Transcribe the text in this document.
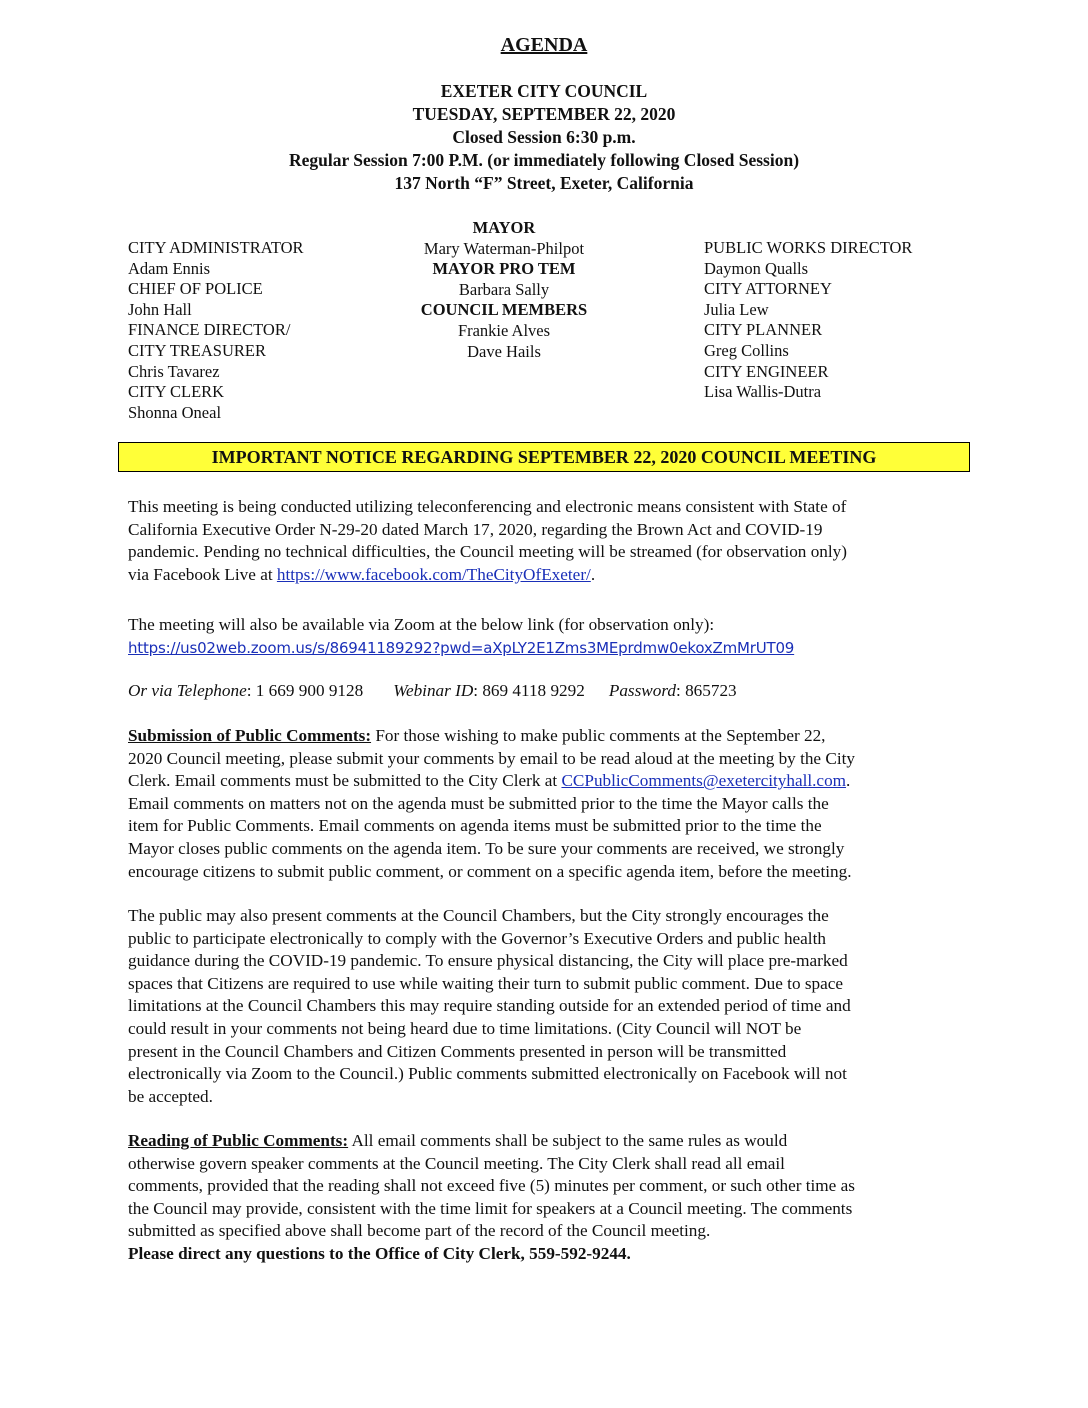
AGENDA
EXETER CITY COUNCIL
TUESDAY, SEPTEMBER 22, 2020
Closed Session 6:30 p.m.
Regular Session 7:00 P.M. (or immediately following Closed Session)
137 North “F” Street, Exeter, California
CITY ADMINISTRATOR
Adam Ennis
CHIEF OF POLICE
John Hall
FINANCE DIRECTOR/
CITY TREASURER
Chris Tavarez
CITY CLERK
Shonna Oneal
MAYOR
Mary Waterman-Philpot
MAYOR PRO TEM
Barbara Sally
COUNCIL MEMBERS
Frankie Alves
Dave Hails
PUBLIC WORKS DIRECTOR
Daymon Qualls
CITY ATTORNEY
Julia Lew
CITY PLANNER
Greg Collins
CITY ENGINEER
Lisa Wallis-Dutra
IMPORTANT NOTICE REGARDING SEPTEMBER 22, 2020 COUNCIL MEETING
This meeting is being conducted utilizing teleconferencing and electronic means consistent with State of
California Executive Order N-29-20 dated March 17, 2020, regarding the Brown Act and COVID-19
pandemic. Pending no technical difficulties, the Council meeting will be streamed (for observation only)
via Facebook Live at https://www.facebook.com/TheCityOfExeter/.
The meeting will also be available via Zoom at the below link (for observation only):
https://us02web.zoom.us/s/86941189292?pwd=aXpLY2E1Zms3MEprdmw0ekoxZmMrUT09
Or via Telephone: 1 669 900 9128 Webinar ID: 869 4118 9292 Password: 865723
Submission of Public Comments: For those wishing to make public comments at the September 22,
2020 Council meeting, please submit your comments by email to be read aloud at the meeting by the City
Clerk. Email comments must be submitted to the City Clerk at CCPublicComments@exetercityhall.com.
Email comments on matters not on the agenda must be submitted prior to the time the Mayor calls the
item for Public Comments. Email comments on agenda items must be submitted prior to the time the
Mayor closes public comments on the agenda item. To be sure your comments are received, we strongly
encourage citizens to submit public comment, or comment on a specific agenda item, before the meeting.
The public may also present comments at the Council Chambers, but the City strongly encourages the
public to participate electronically to comply with the Governor’s Executive Orders and public health
guidance during the COVID-19 pandemic. To ensure physical distancing, the City will place pre-marked
spaces that Citizens are required to use while waiting their turn to submit public comment. Due to space
limitations at the Council Chambers this may require standing outside for an extended period of time and
could result in your comments not being heard due to time limitations. (City Council will NOT be
present in the Council Chambers and Citizen Comments presented in person will be transmitted
electronically via Zoom to the Council.) Public comments submitted electronically on Facebook will not
be accepted.
Reading of Public Comments: All email comments shall be subject to the same rules as would
otherwise govern speaker comments at the Council meeting. The City Clerk shall read all email
comments, provided that the reading shall not exceed five (5) minutes per comment, or such other time as
the Council may provide, consistent with the time limit for speakers at a Council meeting. The comments
submitted as specified above shall become part of the record of the Council meeting.
Please direct any questions to the Office of City Clerk, 559-592-9244.
